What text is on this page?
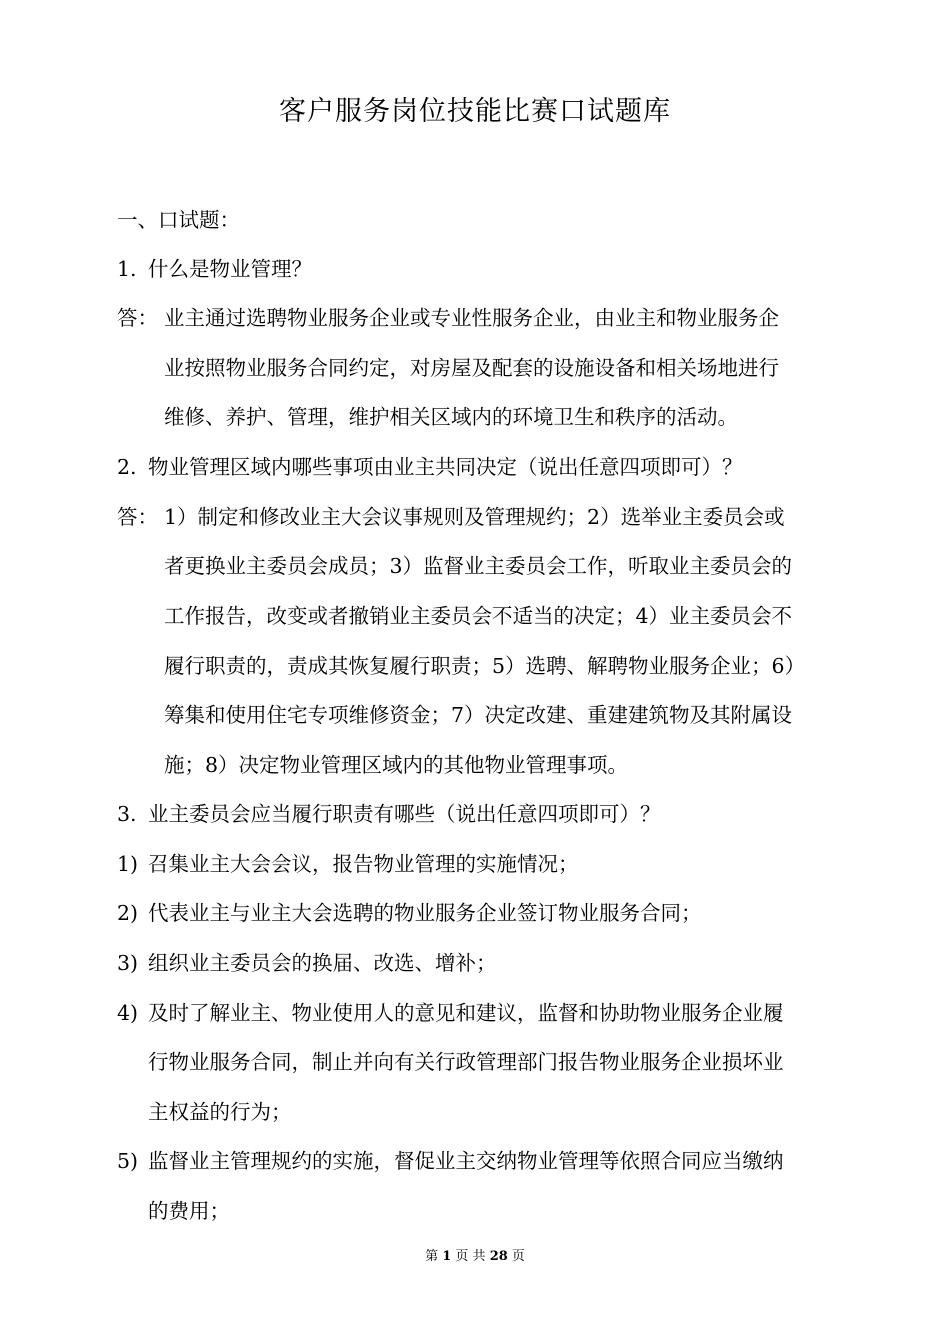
客户服务岗位技能比赛口试题库
一、口试题：
1. 什么是物业管理？
答： 业主通过选聘物业服务企业或专业性服务企业，由业主和物业服务企
业按照物业服务合同约定，对房屋及配套的设施设备和相关场地进行
维修、养护、管理，维护相关区域内的环境卫生和秩序的活动。
2. 物业管理区域内哪些事项由业主共同决定（说出任意四项即可）？
答： 1）制定和修改业主大会议事规则及管理规约；2）选举业主委员会或
者更换业主委员会成员；3）监督业主委员会工作，听取业主委员会的
工作报告，改变或者撤销业主委员会不适当的决定；4）业主委员会不
履行职责的，责成其恢复履行职责；5）选聘、解聘物业服务企业；6）
筹集和使用住宅专项维修资金；7）决定改建、重建建筑物及其附属设
施；8）决定物业管理区域内的其他物业管理事项。
3. 业主委员会应当履行职责有哪些（说出任意四项即可）？
1) 召集业主大会会议，报告物业管理的实施情况；
2) 代表业主与业主大会选聘的物业服务企业签订物业服务合同；
3) 组织业主委员会的换届、改选、增补；
4) 及时了解业主、物业使用人的意见和建议，监督和协助物业服务企业履
行物业服务合同，制止并向有关行政管理部门报告物业服务企业损坏业
主权益的行为；
5) 监督业主管理规约的实施，督促业主交纳物业管理等依照合同应当缴纳
的费用；
第 1 页 共 28 页
